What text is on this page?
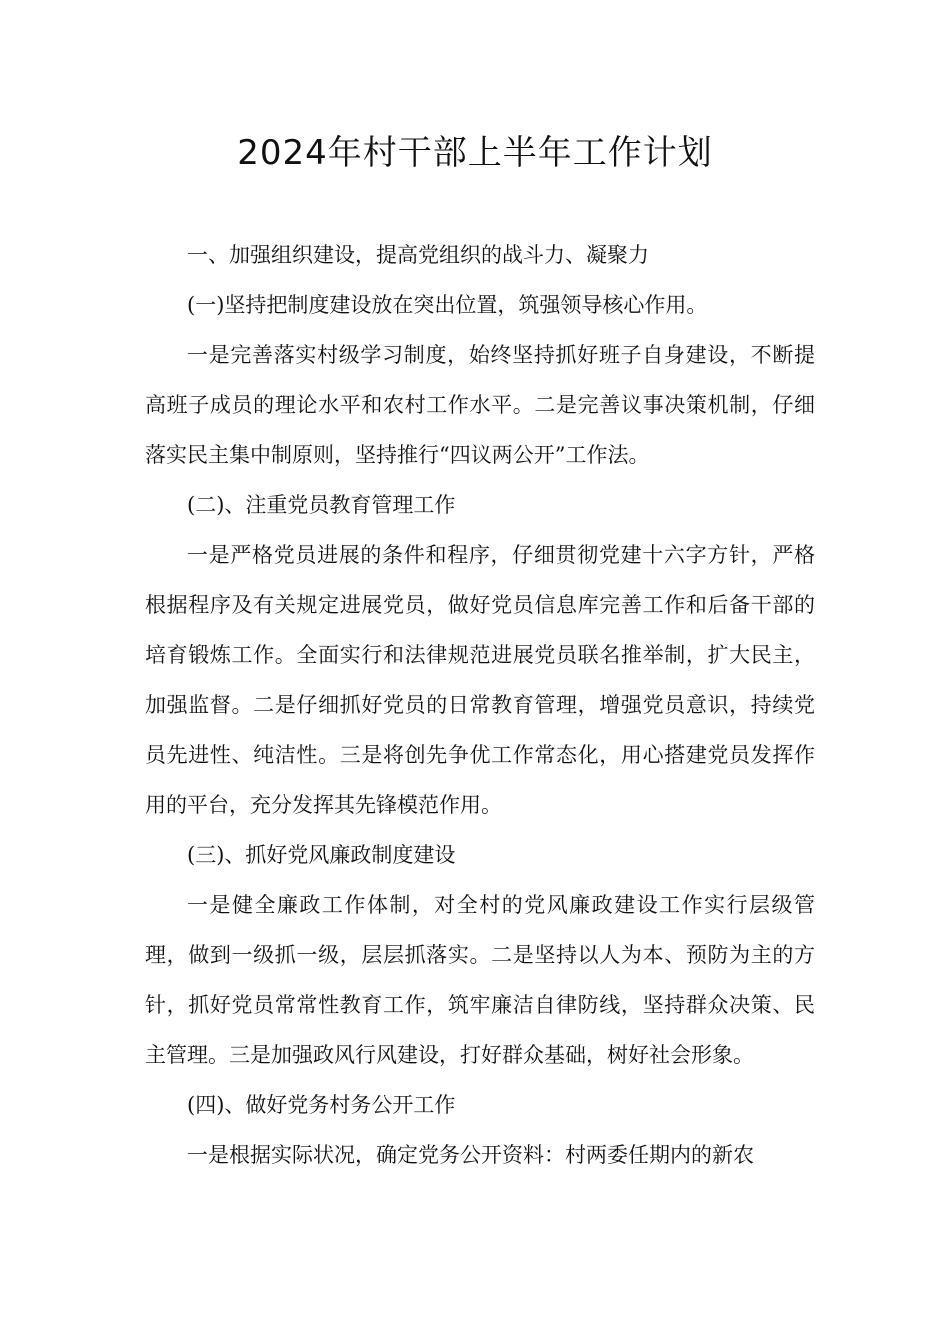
2024年村干部上半年工作计划

一、加强组织建设，提高党组织的战斗力、凝聚力

(一)坚持把制度建设放在突出位置，筑强领导核心作用。

一是完善落实村级学习制度，始终坚持抓好班子自身建设，不断提高班子成员的理论水平和农村工作水平。二是完善议事决策机制，仔细落实民主集中制原则，坚持推行“四议两公开”工作法。

(二)、注重党员教育管理工作

一是严格党员进展的条件和程序，仔细贯彻党建十六字方针，严格根据程序及有关规定进展党员，做好党员信息库完善工作和后备干部的培育锻炼工作。全面实行和法律规范进展党员联名推举制，扩大民主，加强监督。二是仔细抓好党员的日常教育管理，增强党员意识，持续党员先进性、纯洁性。三是将创先争优工作常态化，用心搭建党员发挥作用的平台，充分发挥其先锋模范作用。

(三)、抓好党风廉政制度建设

一是健全廉政工作体制，对全村的党风廉政建设工作实行层级管理，做到一级抓一级，层层抓落实。二是坚持以人为本、预防为主的方针，抓好党员常常性教育工作，筑牢廉洁自律防线，坚持群众决策、民主管理。三是加强政风行风建设，打好群众基础，树好社会形象。

(四)、做好党务村务公开工作

一是根据实际状况，确定党务公开资料：村两委任期内的新农
